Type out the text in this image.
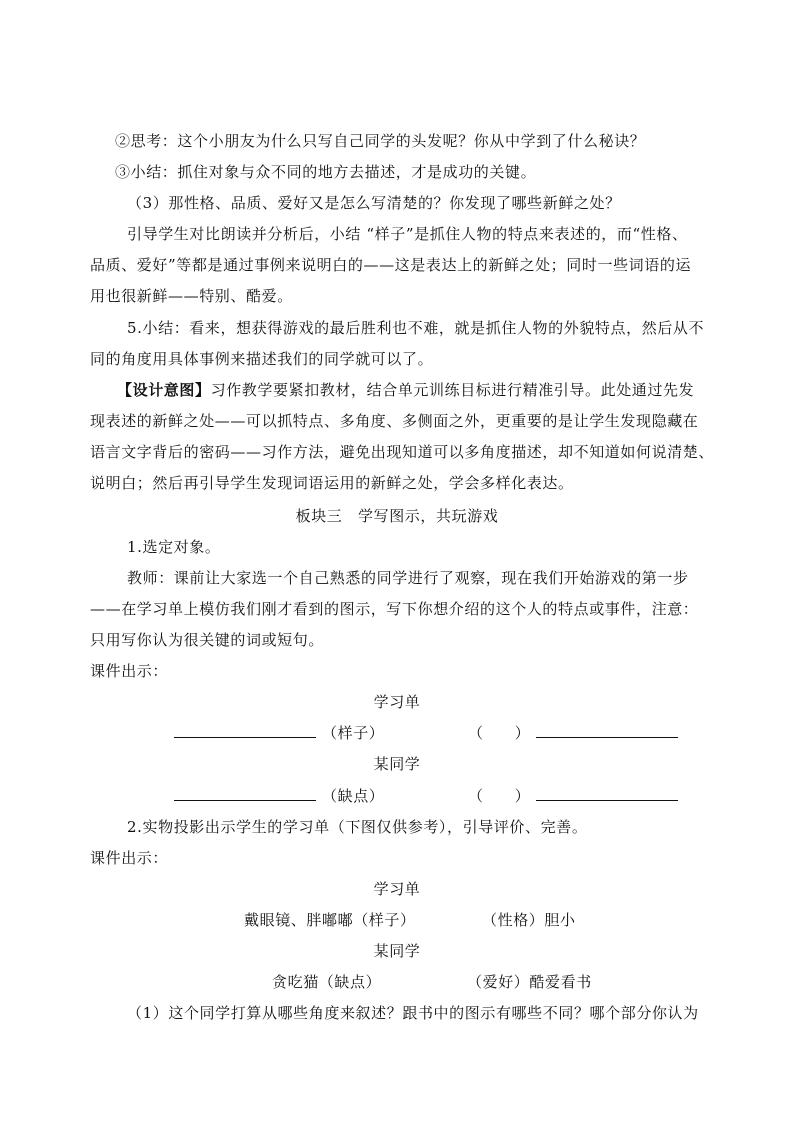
②思考：这个小朋友为什么只写自己同学的头发呢？你从中学到了什么秘诀？
③小结：抓住对象与众不同的地方去描述，才是成功的关键。
（3）那性格、品质、爱好又是怎么写清楚的？你发现了哪些新鲜之处？
引导学生对比朗读并分析后，小结 “样子”是抓住人物的特点来表述的，而“性格、
品质、爱好”等都是通过事例来说明白的——这是表达上的新鲜之处；同时一些词语的运
用也很新鲜——特别、酷爱。
5.小结：看来，想获得游戏的最后胜利也不难，就是抓住人物的外貌特点，然后从不
同的角度用具体事例来描述我们的同学就可以了。
【设计意图】习作教学要紧扣教材，结合单元训练目标进行精准引导。此处通过先发
现表述的新鲜之处——可以抓特点、多角度、多侧面之外，更重要的是让学生发现隐藏在
语言文字背后的密码——习作方法，避免出现知道可以多角度描述，却不知道如何说清楚、
说明白；然后再引导学生发现词语运用的新鲜之处，学会多样化表达。
板块三　学写图示，共玩游戏
1.选定对象。
教师：课前让大家选一个自己熟悉的同学进行了观察，现在我们开始游戏的第一步
——在学习单上模仿我们刚才看到的图示，写下你想介绍的这个人的特点或事件，注意：
只用写你认为很关键的词或短句。
课件出示：
学习单
（样子）	（　　）
某同学
（缺点）	（　　）
2.实物投影出示学生的学习单（下图仅供参考），引导评价、完善。
课件出示：
学习单
戴眼镜、胖嘟嘟（样子）	（性格）胆小
某同学
贪吃猫（缺点）	（爱好）酷爱看书
（1）这个同学打算从哪些角度来叙述？跟书中的图示有哪些不同？哪个部分你认为
